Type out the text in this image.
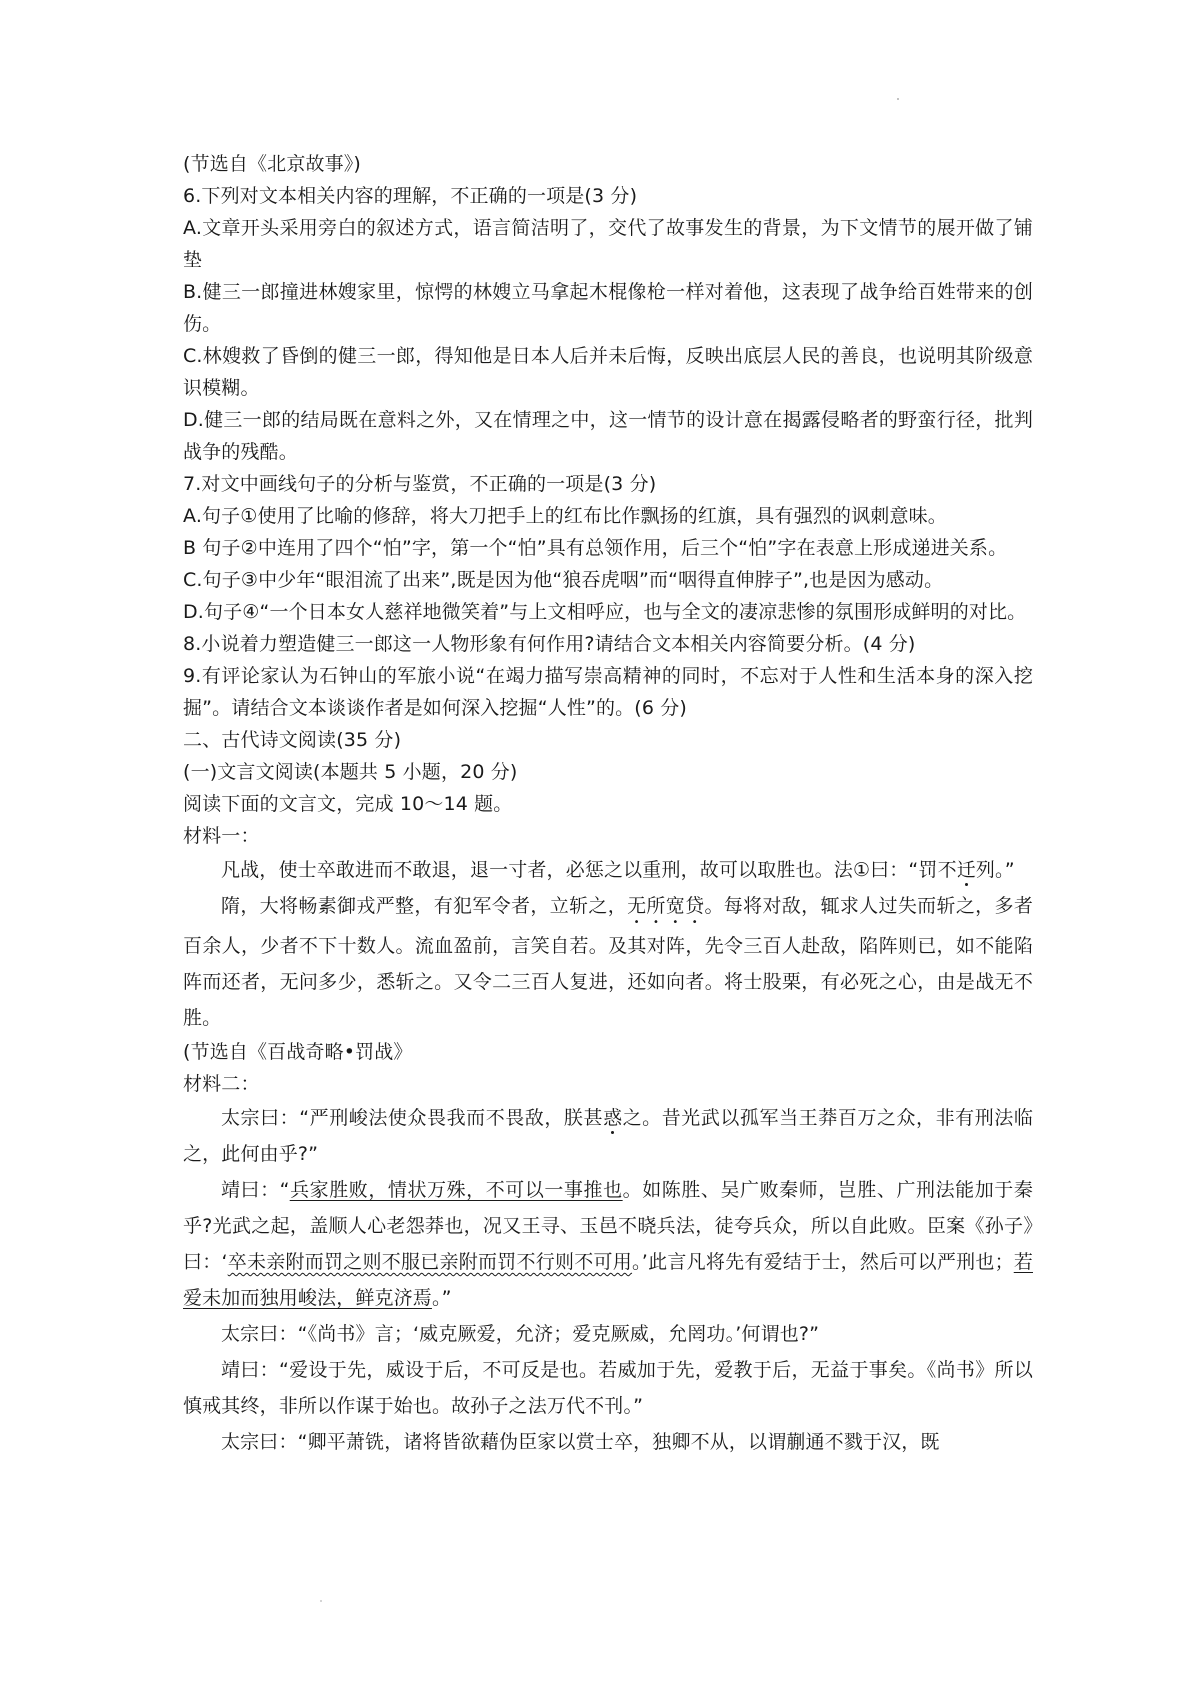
(节选自《北京故事》)
6.下列对文本相关内容的理解，不正确的一项是(3 分)
A.文章开头采用旁白的叙述方式，语言简洁明了，交代了故事发生的背景，为下文情节的展开做了铺垫
B.健三一郎撞进林嫂家里，惊愕的林嫂立马拿起木棍像枪一样对着他，这表现了战争给百姓带来的创伤。
C.林嫂救了昏倒的健三一郎，得知他是日本人后并未后悔，反映出底层人民的善良，也说明其阶级意识模糊。
D.健三一郎的结局既在意料之外，又在情理之中，这一情节的设计意在揭露侵略者的野蛮行径，批判战争的残酷。
7.对文中画线句子的分析与鉴赏，不正确的一项是(3 分)
A.句子①使用了比喻的修辞，将大刀把手上的红布比作飘扬的红旗，具有强烈的讽刺意味。
B 句子②中连用了四个“怕”字，第一个“怕”具有总领作用，后三个“怕”字在表意上形成递进关系。
C.句子③中少年“眼泪流了出来”,既是因为他“狼吞虎咽”而“咽得直伸脖子”,也是因为感动。
D.句子④“一个日本女人慈祥地微笑着”与上文相呼应，也与全文的凄凉悲惨的氛围形成鲜明的对比。
8.小说着力塑造健三一郎这一人物形象有何作用?请结合文本相关内容简要分析。(4 分)
9.有评论家认为石钟山的军旅小说“在竭力描写崇高精神的同时，不忘对于人性和生活本身的深入挖掘”。请结合文本谈谈作者是如何深入挖掘“人性”的。(6 分)
二、古代诗文阅读(35 分)
(一)文言文阅读(本题共 5 小题，20 分)
阅读下面的文言文，完成 10～14 题。
材料一：
凡战，使士卒敢进而不敢退，退一寸者，必惩之以重刑，故可以取胜也。法①曰：“罚不迁列。”
隋，大将畅素御戎严整，有犯军令者，立斩之，无所宽贷。每将对敌，辄求人过失而斩之，多者百余人，少者不下十数人。流血盈前，言笑自若。及其对阵，先令三百人赴敌，陷阵则已，如不能陷阵而还者，无问多少，悉斩之。又令二三百人复进，还如向者。将士股栗，有必死之心，由是战无不胜。
(节选自《百战奇略•罚战》
材料二：
太宗曰：“严刑峻法使众畏我而不畏敌，朕甚惑之。昔光武以孤军当王莽百万之众，非有刑法临之，此何由乎?”
靖曰：“兵家胜败，情状万殊，不可以一事推也。如陈胜、吴广败秦师，岂胜、广刑法能加于秦乎?光武之起，盖顺人心老怨莽也，况又王寻、玉邑不晓兵法，徒夸兵众，所以自此败。臣案《孙子》曰：‘卒未亲附而罚之则不服已亲附而罚不行则不可用。’此言凡将先有爱结于士，然后可以严刑也；若爱未加而独用峻法，鲜克济焉。”
太宗曰：“《尚书》言；‘威克厥爱，允济；爱克厥威，允罔功。’何谓也?”
靖曰：“爱设于先，威设于后，不可反是也。若威加于先，爱教于后，无益于事矣。《尚书》所以慎戒其终，非所以作谋于始也。故孙子之法万代不刊。”
太宗曰：“卿平萧铣，诸将皆欲藉伪臣家以赏士卒，独卿不从，以谓蒯通不戮于汉，既
